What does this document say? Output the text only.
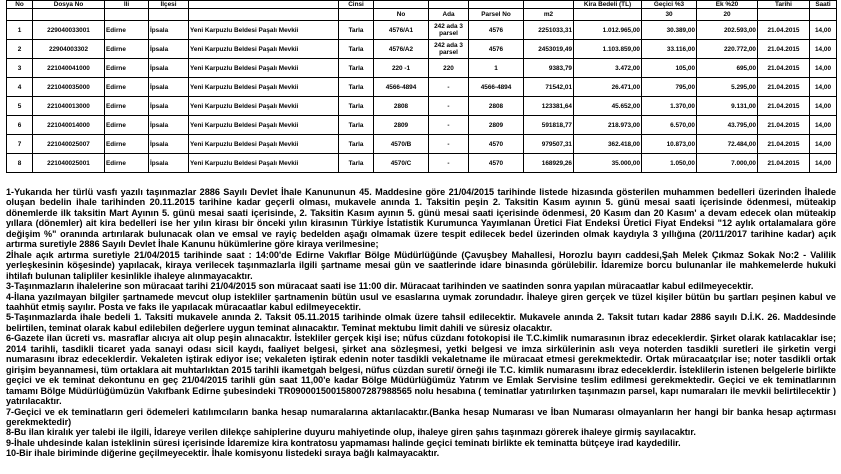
No	Dosya No	İli	İlçesi		Cinsi					Kira Bedeli (TL)	Geçici %3	Ek %20	Tarihi	Saati
						No	Ada	Parsel No	m2		30	20		
1	229040033001	Edirne	İpsala	Yeni Karpuzlu Beldesi Paşalı Mevkii	Tarla	4576/A1	242 ada 3 parsel	4576	2251033,31	1.012.965,00	30.389,00	202.593,00	21.04.2015	14,00
2	22904003302	Edirne	İpsala	Yeni Karpuzlu Beldesi Paşalı Mevkii	Tarla	4576/A2	242 ada 3 parsel	4576	2453019,49	1.103.859,00	33.116,00	220.772,00	21.04.2015	14,00
3	221040041000	Edirne	İpsala	Yeni Karpuzlu Beldesi Paşalı Mevkii	Tarla	220 -1	220	1	9383,79	3.472,00	105,00	695,00	21.04.2015	14,00
4	221040035000	Edirne	İpsala	Yeni Karpuzlu Beldesi Paşalı Mevkii	Tarla	4566-4894	-	4566-4894	71542,01	26.471,00	795,00	5.295,00	21.04.2015	14,00
5	221040013000	Edirne	İpsala	Yeni Karpuzlu Beldesi Paşalı Mevkii	Tarla	2808	-	2808	123381,64	45.652,00	1.370,00	9.131,00	21.04.2015	14,00
6	221040014000	Edirne	İpsala	Yeni Karpuzlu Beldesi Paşalı Mevkii	Tarla	2809	-	2809	591818,77	218.973,00	6.570,00	43.795,00	21.04.2015	14,00
7	221040025007	Edirne	İpsala	Yeni Karpuzlu Beldesi Paşalı Mevkii	Tarla	4570/B	-	4570	979507,31	362.418,00	10.873,00	72.484,00	21.04.2015	14,00
8	221040025001	Edirne	İpsala	Yeni Karpuzlu Beldesi Paşalı Mevkii	Tarla	4570/C	-	4570	168929,26	35.000,00	1.050,00	7.000,00	21.04.2015	14,00

1-Yukarıda her türlü vasfı yazılı taşınmazlar 2886 Sayılı Devlet İhale Kanununun 45. Maddesine göre 21/04/2015 tarihinde listede hizasında gösterilen muhammen bedelleri üzerinden İhalede oluşan bedelin ihale tarihinden 20.11.2015 tarihine kadar geçerli olması, mukavele anında 1. Taksitin peşin 2. Taksitin Kasım ayının 5. günü mesai saati içerisinde ödenmesi, müteakip dönemlerde ilk taksitin Mart Ayının 5. günü mesai saati içerisinde, 2. Taksitin Kasım ayının 5. günü mesai saati içerisinde ödenmesi, 20 Kasım dan 20 Kasım' a devam edecek olan müteakip yıllara (dönemler) ait kira bedelleri ise her yılın kirası bir önceki yılın kirasının Türkiye İstatistik Kurumunca Yayımlanan Üretici Fiat Endeksi Üretici Fiyat Endeksi "12 aylık ortalamalara göre değişim %" oranında artırılarak bulunacak olan ve emsal ve rayiç bedelden aşağı olmamak üzere tespit edilecek bedel üzerinden olmak kaydıyla 3 yıllığına (20/11/2017 tarihine kadar) açık artırma suretiyle 2886 Sayılı Devlet İhale Kanunu hükümlerine göre kiraya verilmesine;

2İhale açık artırma suretiyle 21/04/2015 tarihinde saat : 14:00'de Edirne Vakıflar Bölge Müdürlüğünde (Çavuşbey Mahallesi, Horozlu bayırı caddesi,Şah Melek Çıkmaz Sokak No:2 - Valilik yerleşkesinin köşesinde) yapılacak, kiraya verilecek taşınmazlarla ilgili şartname mesai gün ve saatlerinde idare binasında görülebilir. İdaremize borcu bulunanlar ile mahkemelerde hukuki ihtilafı bulunan talipliler kesinlikle ihaleye alınmayacaktır.

3-Taşınmazların ihalelerine son müracaat tarihi 21/04/2015 son müracaat saati ise 11:00 dir. Müracaat tarihinden ve saatinden sonra yapılan müracaatlar kabul edilmeyecektir.

4-İlana yazılmayan bilgiler şartnamede mevcut olup istekliler şartnamenin bütün usul ve esaslarına uymak zorundadır. İhaleye giren gerçek ve tüzel kişiler bütün bu şartları peşinen kabul ve taahhüt etmiş sayılır. Posta ve faks ile yapılacak müracaatlar kabul edilmeyecektir.

5-Taşınmazlarda ihale bedeli 1. Taksiti mukavele anında 2. Taksit 05.11.2015 tarihinde olmak üzere tahsil edilecektir. Mukavele anında 2. Taksit tutarı kadar 2886 sayılı D.İ.K. 26. Maddesinde belirtilen, teminat olarak kabul edilebilen değerlere uygun teminat alınacaktır. Teminat mektubu limit dahili ve süresiz olacaktır.

6-Gazete ilan ücreti vs. masraflar alıcıya ait olup peşin alınacaktır. İstekliler gerçek kişi ise; nüfus cüzdanı fotokopisi ile T.C.kimlik numarasının ibraz edeceklerdir. Şirket olarak katılacaklar ise; 2014 tarihli, tasdikli ticaret yada sanayi odası sicil kaydı, faaliyet belgesi, şirket ana sözleşmesi, yetki belgesi ve imza sirkülerinin aslı veya noterden tasdikli suretleri ile şirketin vergi numarasını ibraz edeceklerdir. Vekaleten iştirak ediyor ise; vekaleten iştirak edenin noter tasdikli vekaletname ile müracaat etmesi gerekmektedir. Ortak müracaatçılar ise; noter tasdikli ortak girişim beyannamesi, tüm ortaklara ait muhtarlıktan 2015 tarihli ikametgah belgesi, nüfus cüzdan sureti/ örneği ile T.C. kimlik numarasını ibraz edeceklerdir. İsteklilerin istenen belgelerle birlikte geçici ve ek teminat dekontunu en geç 21/04/2015 tarihli gün saat 11,00'e kadar Bölge Müdürlüğümüz Yatırım ve Emlak Servisine teslim edilmesi gerekmektedir. Geçici ve ek teminatlarının tamamı Bölge Müdürlüğümüzün Vakıfbank Edirne şubesindeki TR090001500158007287988565 nolu hesabına ( teminatlar yatırılırken taşınmazın parsel, kapı numaraları ile mevkii belirtilecektir ) yatırılacaktır.

7-Geçici ve ek teminatların geri ödemeleri katılımcıların banka hesap numaralarına aktarılacaktır.(Banka hesap Numarası ve İban Numarası olmayanların her hangi bir banka hesap açtırması gerekmektedir)

8-Bu ilan kiralık yer talebi ile ilgili, İdareye verilen dilekçe sahiplerine duyuru mahiyetinde olup, ihaleye giren şahıs taşınmazı görerek ihaleye girmiş sayılacaktır.

9-İhale uhdesinde kalan isteklinin süresi içerisinde İdaremize kira kontratosu yapmaması halinde geçici teminatı birlikte ek teminatta bütçeye irad kaydedilir.

10-Bir ihale biriminde diğerine geçilmeyecektir. İhale komisyonu listedeki sıraya bağlı kalmayacaktır.
